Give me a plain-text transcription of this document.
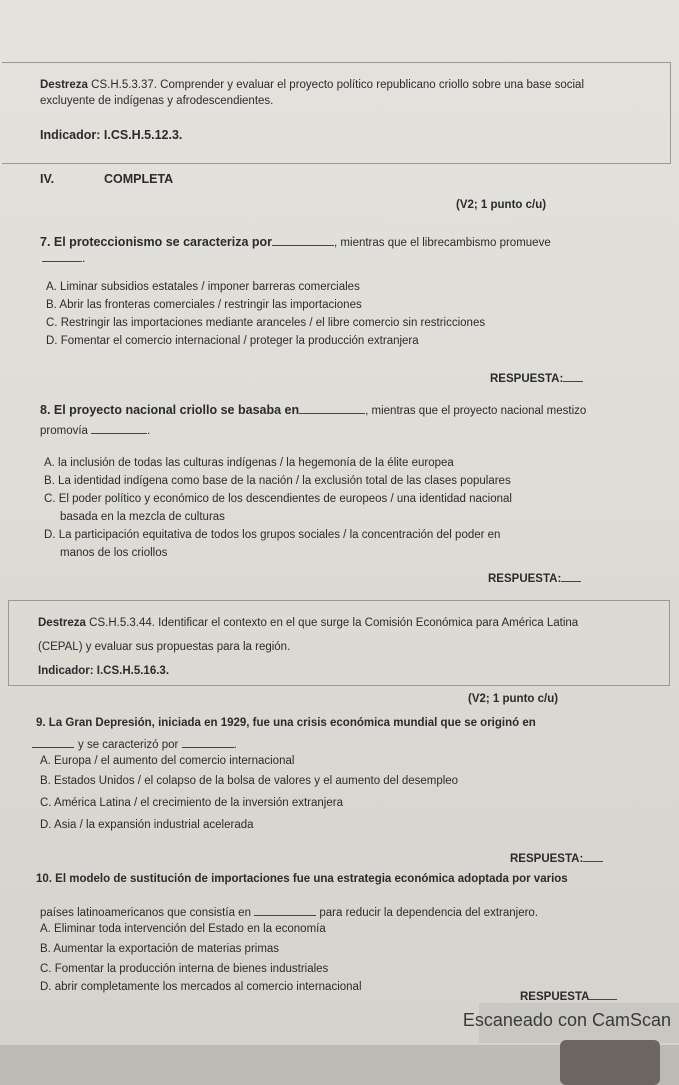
Destreza CS.H.5.3.37. Comprender y evaluar el proyecto político republicano criollo sobre una base social
excluyente de indígenas y afrodescendientes.
Indicador: I.CS.H.5.12.3.
IV.	COMPLETA
(V2; 1 punto c/u)
7. El proteccionismo se caracteriza por	, mientras que el librecambismo promueve
.
A. Liminar subsidios estatales / imponer barreras comerciales
B. Abrir las fronteras comerciales / restringir las importaciones
C. Restringir las importaciones mediante aranceles / el libre comercio sin restricciones
D. Fomentar el comercio internacional / proteger la producción extranjera
RESPUESTA:
8. El proyecto nacional criollo se basaba en	, mientras que el proyecto nacional mestizo
promovía	.
A. la inclusión de todas las culturas indígenas / la hegemonía de la élite europea
B. La identidad indígena como base de la nación / la exclusión total de las clases populares
C. El poder político y económico de los descendientes de europeos / una identidad nacional
basada en la mezcla de culturas
D. La participación equitativa de todos los grupos sociales / la concentración del poder en
manos de los criollos
RESPUESTA:
Destreza CS.H.5.3.44. Identificar el contexto en el que surge la Comisión Económica para América Latina
(CEPAL) y evaluar sus propuestas para la región.
Indicador: I.CS.H.5.16.3.
(V2; 1 punto c/u)
9. La Gran Depresión, iniciada en 1929, fue una crisis económica mundial que se originó en
y se caracterizó por	.
A. Europa / el aumento del comercio internacional
B. Estados Unidos / el colapso de la bolsa de valores y el aumento del desempleo
C. América Latina / el crecimiento de la inversión extranjera
D. Asia / la expansión industrial acelerada
RESPUESTA:
10. El modelo de sustitución de importaciones fue una estrategia económica adoptada por varios
países latinoamericanos que consistía en	para reducir la dependencia del extranjero.
A. Eliminar toda intervención del Estado en la economía
B. Aumentar la exportación de materias primas
C. Fomentar la producción interna de bienes industriales
D. abrir completamente los mercados al comercio internacional
RESPUESTA
Escaneado con CamScan
